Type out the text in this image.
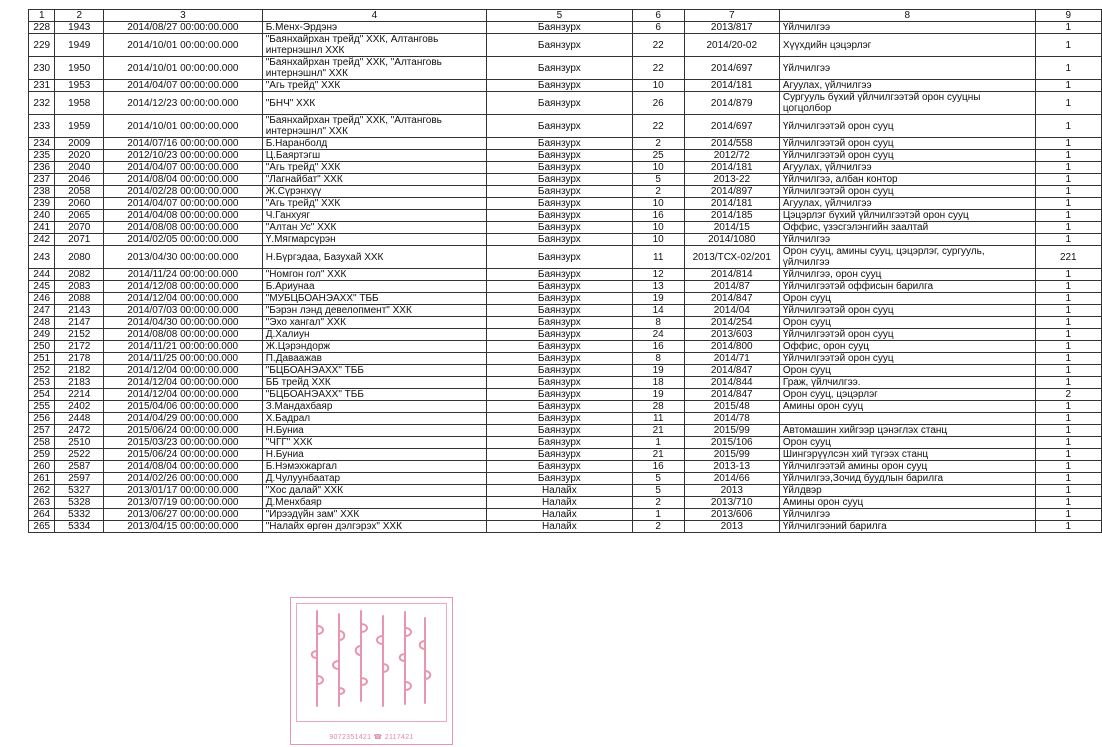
1	2	3	4	5	6	7	8	9
228	1943	2014/08/27 00:00:00.000	Б.Менх-Эрдэнэ	Баянзурх	6	2013/817	Үйлчилгээ	1
229	1949	2014/10/01 00:00:00.000	"Баянхайрхан трейд" ХХК, Алтанговь интернэшнл ХХК	Баянзурх	22	2014/20-02	Хүүхдийн цэцэрлэг	1
230	1950	2014/10/01 00:00:00.000	"Баянхайрхан трейд" ХХК, "Алтанговь интернэшнл" ХХК	Баянзурх	22	2014/697	Үйлчилгээ	1
231	1953	2014/04/07 00:00:00.000	"Агь трейд" ХХК	Баянзурх	10	2014/181	Агуулах, үйлчилгээ	1
232	1958	2014/12/23 00:00:00.000	"БНЧ" ХХК	Баянзурх	26	2014/879	Сургууль бүхий үйлчилгээтэй орон сууцны цогцолбор	1
233	1959	2014/10/01 00:00:00.000	"Баянхайрхан трейд" ХХК, "Алтанговь интернэшнл" ХХК	Баянзурх	22	2014/697	Үйлчилгээтэй орон сууц	1
234	2009	2014/07/16 00:00:00.000	Б.Наранболд	Баянзурх	2	2014/558	Үйлчилгээтэй орон сууц	1
235	2020	2012/10/23 00:00:00.000	Ц.Баяртэгш	Баянзурх	25	2012/72	Үйлчилгээтэй орон сууц	1
236	2040	2014/04/07 00:00:00.000	"Агь трейд" ХХК	Баянзурх	10	2014/181	Агуулах, үйлчилгээ	1
237	2046	2014/08/04 00:00:00.000	"Лагнайбат" ХХК	Баянзурх	5	2013-22	Үйлчилгээ, албан контор	1
238	2058	2014/02/28 00:00:00.000	Ж.Сүрэнхүү	Баянзурх	2	2014/897	Үйлчилгээтэй орон сууц	1
239	2060	2014/04/07 00:00:00.000	"Агь трейд" ХХК	Баянзурх	10	2014/181	Агуулах, үйлчилгээ	1
240	2065	2014/04/08 00:00:00.000	Ч.Ганхуяг	Баянзурх	16	2014/185	Цэцэрлэг бүхий үйлчилгээтэй орон сууц	1
241	2070	2014/08/08 00:00:00.000	"Алтан Ус" ХХК	Баянзурх	10	2014/15	Оффис, үзэсгэлэнгийн заалтай	1
242	2071	2014/02/05 00:00:00.000	Ү.Мягмарсүрэн	Баянзурх	10	2014/1080	Үйлчилгээ	1
243	2080	2013/04/30 00:00:00.000	Н.Бүргэдаа, Базухай ХХК	Баянзурх	11	2013/ТСХ-02/201	Орон сууц, амины сууц, цэцэрлэг, сургууль, үйлчилгээ	221
244	2082	2014/11/24 00:00:00.000	"Номгон гол" ХХК	Баянзурх	12	2014/814	Үйлчилгээ, орон сууц	1
245	2083	2014/12/08 00:00:00.000	Б.Ариунаа	Баянзурх	13	2014/87	Үйлчилгээтэй оффисын барилга	1
246	2088	2014/12/04 00:00:00.000	"МУБЦБОАНЭАХХ" ТББ	Баянзурх	19	2014/847	Орон сууц	1
247	2143	2014/07/03 00:00:00.000	"Бэрэн лэнд девелопмент" ХХК	Баянзурх	14	2014/04	Үйлчилгээтэй орон сууц	1
248	2147	2014/04/30 00:00:00.000	"Эхо хангал" ХХК	Баянзурх	8	2014/254	Орон сууц	1
249	2152	2014/08/08 00:00:00.000	Д.Халиун	Баянзурх	24	2013/603	Үйлчилгээтэй орон сууц	1
250	2172	2014/11/21 00:00:00.000	Ж.Цэрэндорж	Баянзурх	16	2014/800	Оффис, орон сууц	1
251	2178	2014/11/25 00:00:00.000	П.Даваажав	Баянзурх	8	2014/71	Үйлчилгээтэй орон сууц	1
252	2182	2014/12/04 00:00:00.000	"БЦБОАНЭАХХ" ТББ	Баянзурх	19	2014/847	Орон сууц	1
253	2183	2014/12/04 00:00:00.000	ББ трейд ХХК	Баянзурх	18	2014/844	Граж, үйлчилгээ.	1
254	2214	2014/12/04 00:00:00.000	"БЦБОАНЭАХХ" ТББ	Баянзурх	19	2014/847	Орон сууц, цэцэрлэг	2
255	2402	2015/04/06 00:00:00.000	З.Мандахбаяр	Баянзурх	28	2015/48	Амины орон сууц	1
256	2448	2014/04/29 00:00:00.000	Х.Бадрал	Баянзурх	11	2014/78		1
257	2472	2015/06/24 00:00:00.000	Н.Буниа	Баянзурх	21	2015/99	Автомашин хийгээр цэнэглэх станц	1
258	2510	2015/03/23 00:00:00.000	"ЧГГ" ХХК	Баянзурх	1	2015/106	Орон сууц	1
259	2522	2015/06/24 00:00:00.000	Н.Буниа	Баянзурх	21	2015/99	Шингэрүүлсэн хий түгээх станц	1
260	2587	2014/08/04 00:00:00.000	Б.Нэмэхжаргал	Баянзурх	16	2013-13	Үйлчилгээтэй амины орон сууц	1
261	2597	2014/02/26 00:00:00.000	Д.Чулуунбаатар	Баянзурх	5	2014/66	Үйлчилгээ,Зочид буудлын барилга	1
262	5327	2013/01/17 00:00:00.000	"Хос далай" ХХК	Налайх	5	2013	Үйлдвэр	1
263	5328	2013/07/19 00:00:00.000	Д.Менхбаяр	Налайх	2	2013/710	Амины орон сууц	1
264	5332	2013/06/27 00:00:00.000	"Ирээдүйн зам" ХХК	Налайх	1	2013/606	Үйлчилгээ	1
265	5334	2013/04/15 00:00:00.000	"Налайх өргөн дэлгэрэх" ХХК	Налайх	2	2013	Үйлчилгээний барилга	1
9072351421 ☎ 2117421
